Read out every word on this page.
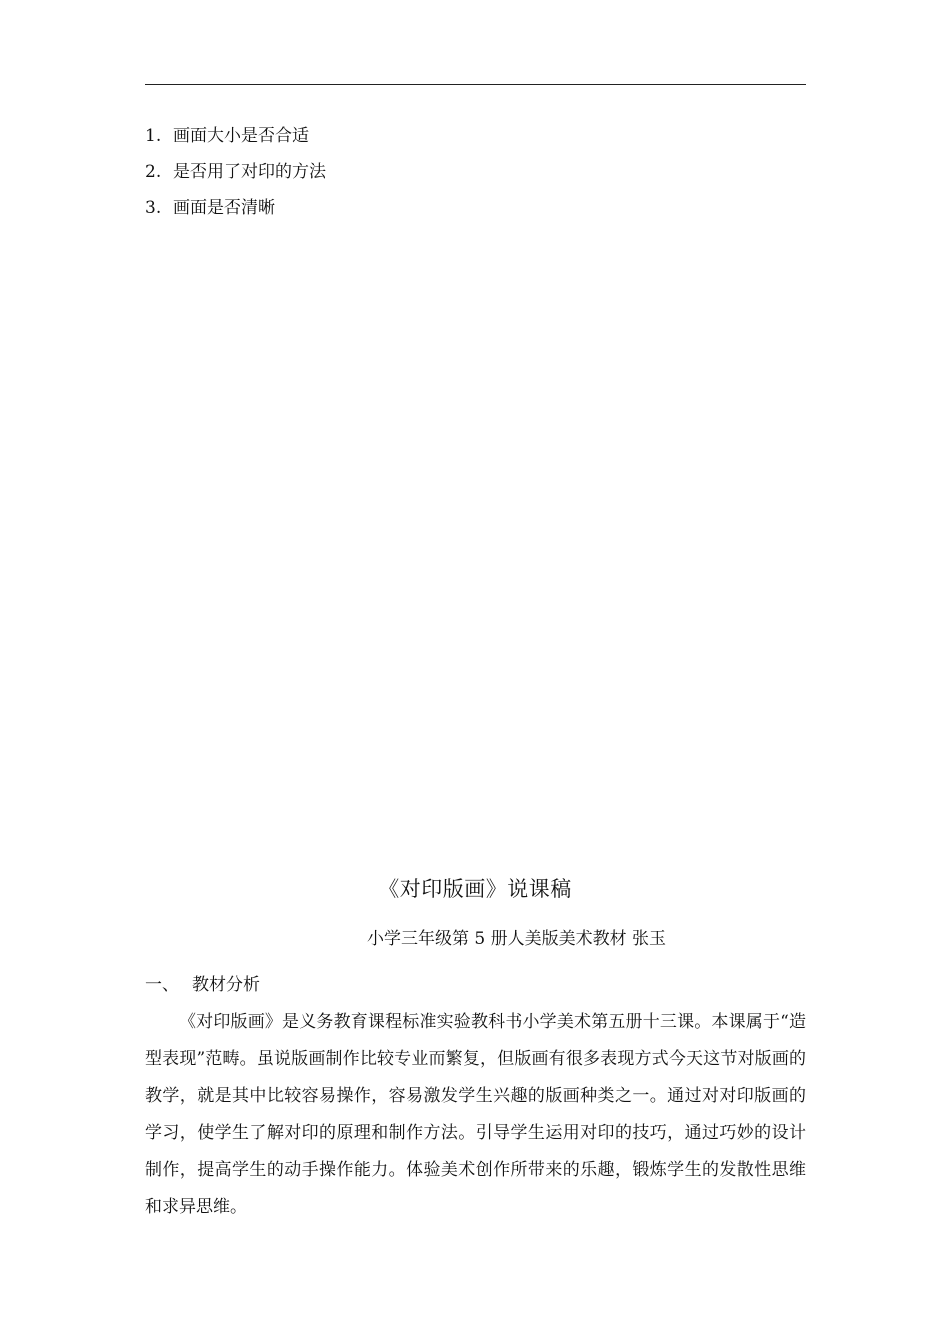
1. 画面大小是否合适
2. 是否用了对印的方法
3. 画面是否清晰
《对印版画》说课稿
小学三年级第 5 册人美版美术教材 张玉
一、 教材分析

《对印版画》是义务教育课程标准实验教科书小学美术第五册十三课。本课属于“造型表现”范畴。虽说版画制作比较专业而繁复，但版画有很多表现方式今天这节对版画的教学，就是其中比较容易操作，容易激发学生兴趣的版画种类之一。通过对对印版画的学习，使学生了解对印的原理和制作方法。引导学生运用对印的技巧，通过巧妙的设计制作，提高学生的动手操作能力。体验美术创作所带来的乐趣，锻炼学生的发散性思维和求异思维。
